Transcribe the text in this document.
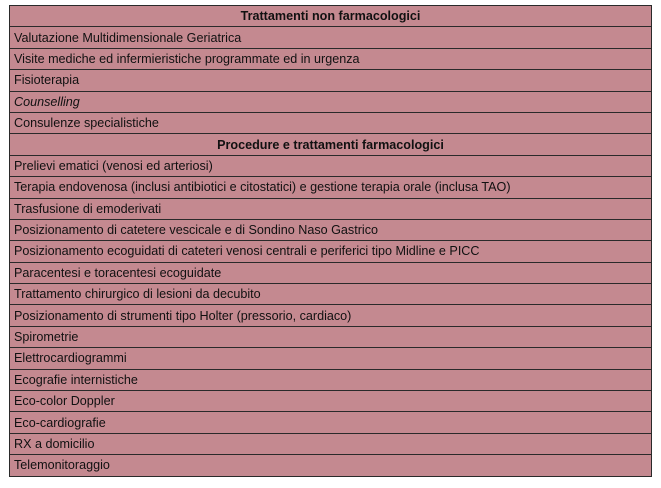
Trattamenti non farmacologici
Valutazione Multidimensionale Geriatrica
Visite mediche ed infermieristiche programmate ed in urgenza
Fisioterapia
Counselling
Consulenze specialistiche
Procedure e trattamenti farmacologici
Prelievi ematici (venosi ed arteriosi)
Terapia endovenosa (inclusi antibiotici e citostatici) e gestione terapia orale (inclusa TAO)
Trasfusione di emoderivati
Posizionamento di catetere vescicale e di Sondino Naso Gastrico
Posizionamento ecoguidati di cateteri venosi centrali e periferici tipo Midline e PICC
Paracentesi e toracentesi ecoguidate
Trattamento chirurgico di lesioni da decubito
Posizionamento di strumenti tipo Holter (pressorio, cardiaco)
Spirometrie
Elettrocardiogrammi
Ecografie internistiche
Eco-color Doppler
Eco-cardiografie
RX a domicilio
Telemonitoraggio
